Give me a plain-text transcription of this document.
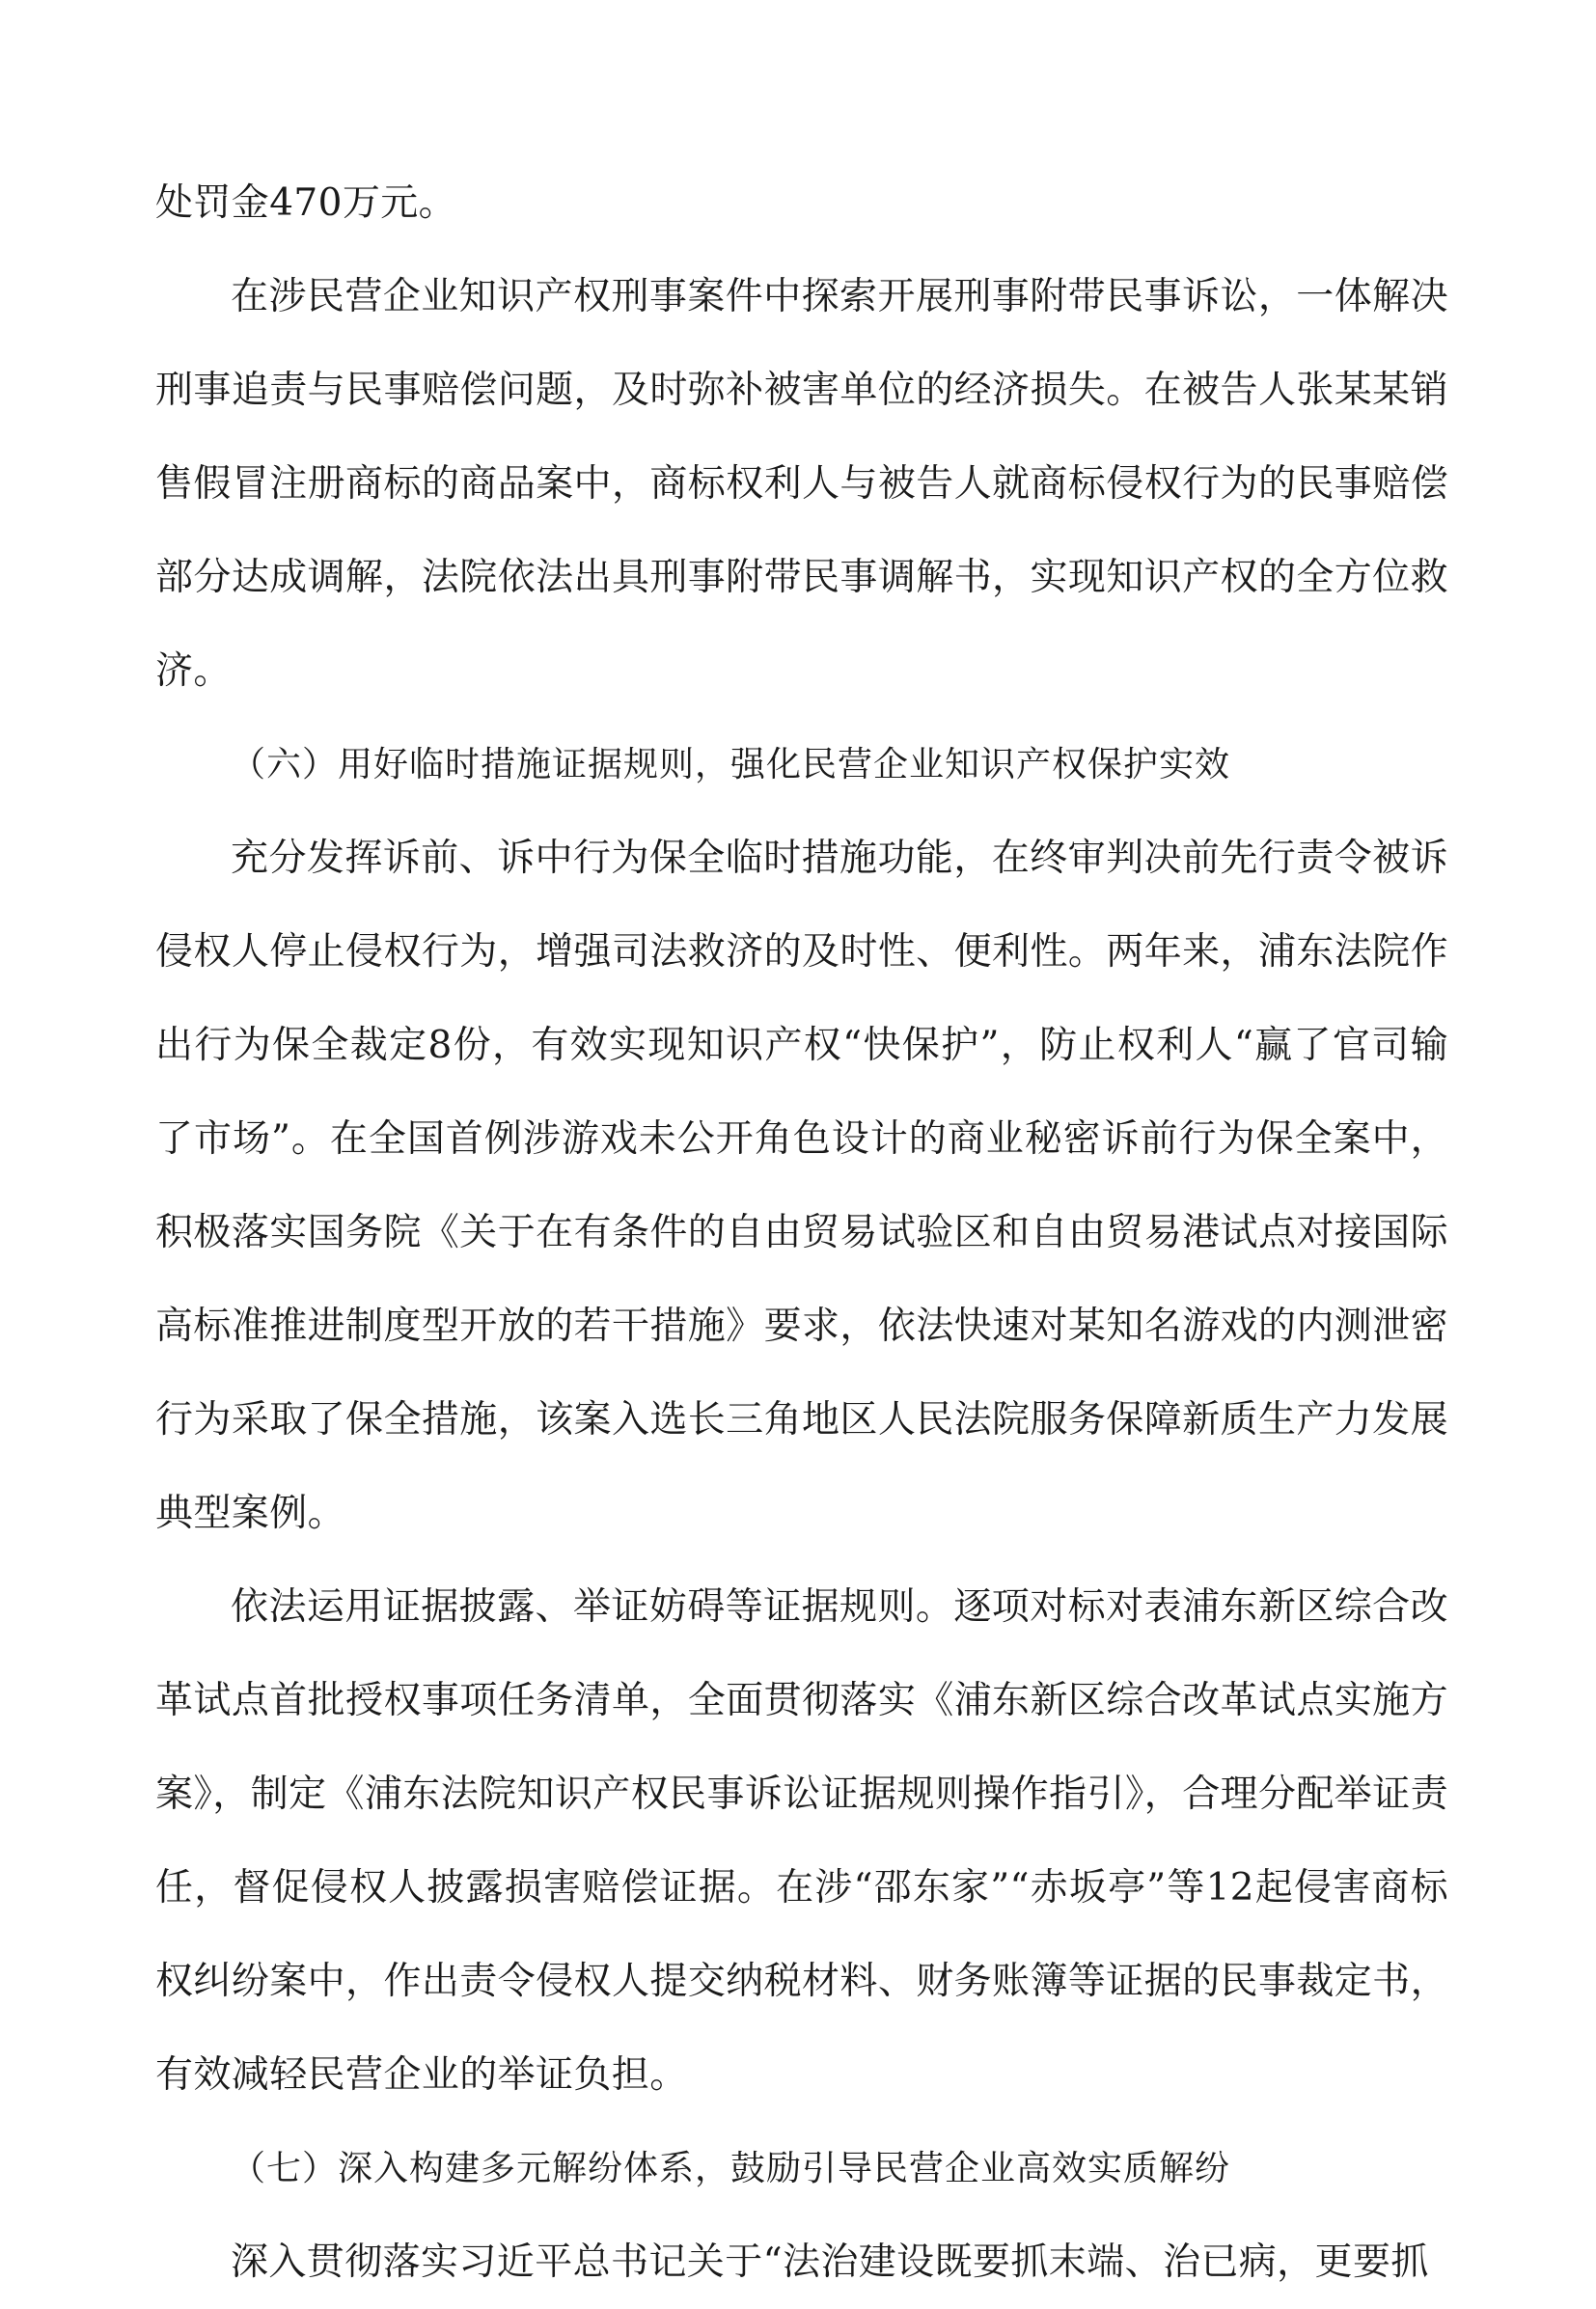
处罚金470万元。

在涉民营企业知识产权刑事案件中探索开展刑事附带民事诉讼，一体解决刑事追责与民事赔偿问题，及时弥补被害单位的经济损失。在被告人张某某销售假冒注册商标的商品案中，商标权利人与被告人就商标侵权行为的民事赔偿部分达成调解，法院依法出具刑事附带民事调解书，实现知识产权的全方位救济。

（六）用好临时措施证据规则，强化民营企业知识产权保护实效

充分发挥诉前、诉中行为保全临时措施功能，在终审判决前先行责令被诉侵权人停止侵权行为，增强司法救济的及时性、便利性。两年来，浦东法院作出行为保全裁定8份，有效实现知识产权“快保护”，防止权利人“赢了官司输了市场”。在全国首例涉游戏未公开角色设计的商业秘密诉前行为保全案中，积极落实国务院《关于在有条件的自由贸易试验区和自由贸易港试点对接国际高标准推进制度型开放的若干措施》要求，依法快速对某知名游戏的内测泄密行为采取了保全措施，该案入选长三角地区人民法院服务保障新质生产力发展典型案例。

依法运用证据披露、举证妨碍等证据规则。逐项对标对表浦东新区综合改革试点首批授权事项任务清单，全面贯彻落实《浦东新区综合改革试点实施方案》，制定《浦东法院知识产权民事诉讼证据规则操作指引》，合理分配举证责任，督促侵权人披露损害赔偿证据。在涉“邵东家”“赤坂亭”等12起侵害商标权纠纷案中，作出责令侵权人提交纳税材料、财务账簿等证据的民事裁定书，有效减轻民营企业的举证负担。

（七）深入构建多元解纷体系，鼓励引导民营企业高效实质解纷

深入贯彻落实习近平总书记关于“法治建设既要抓末端、治已病，更要抓
